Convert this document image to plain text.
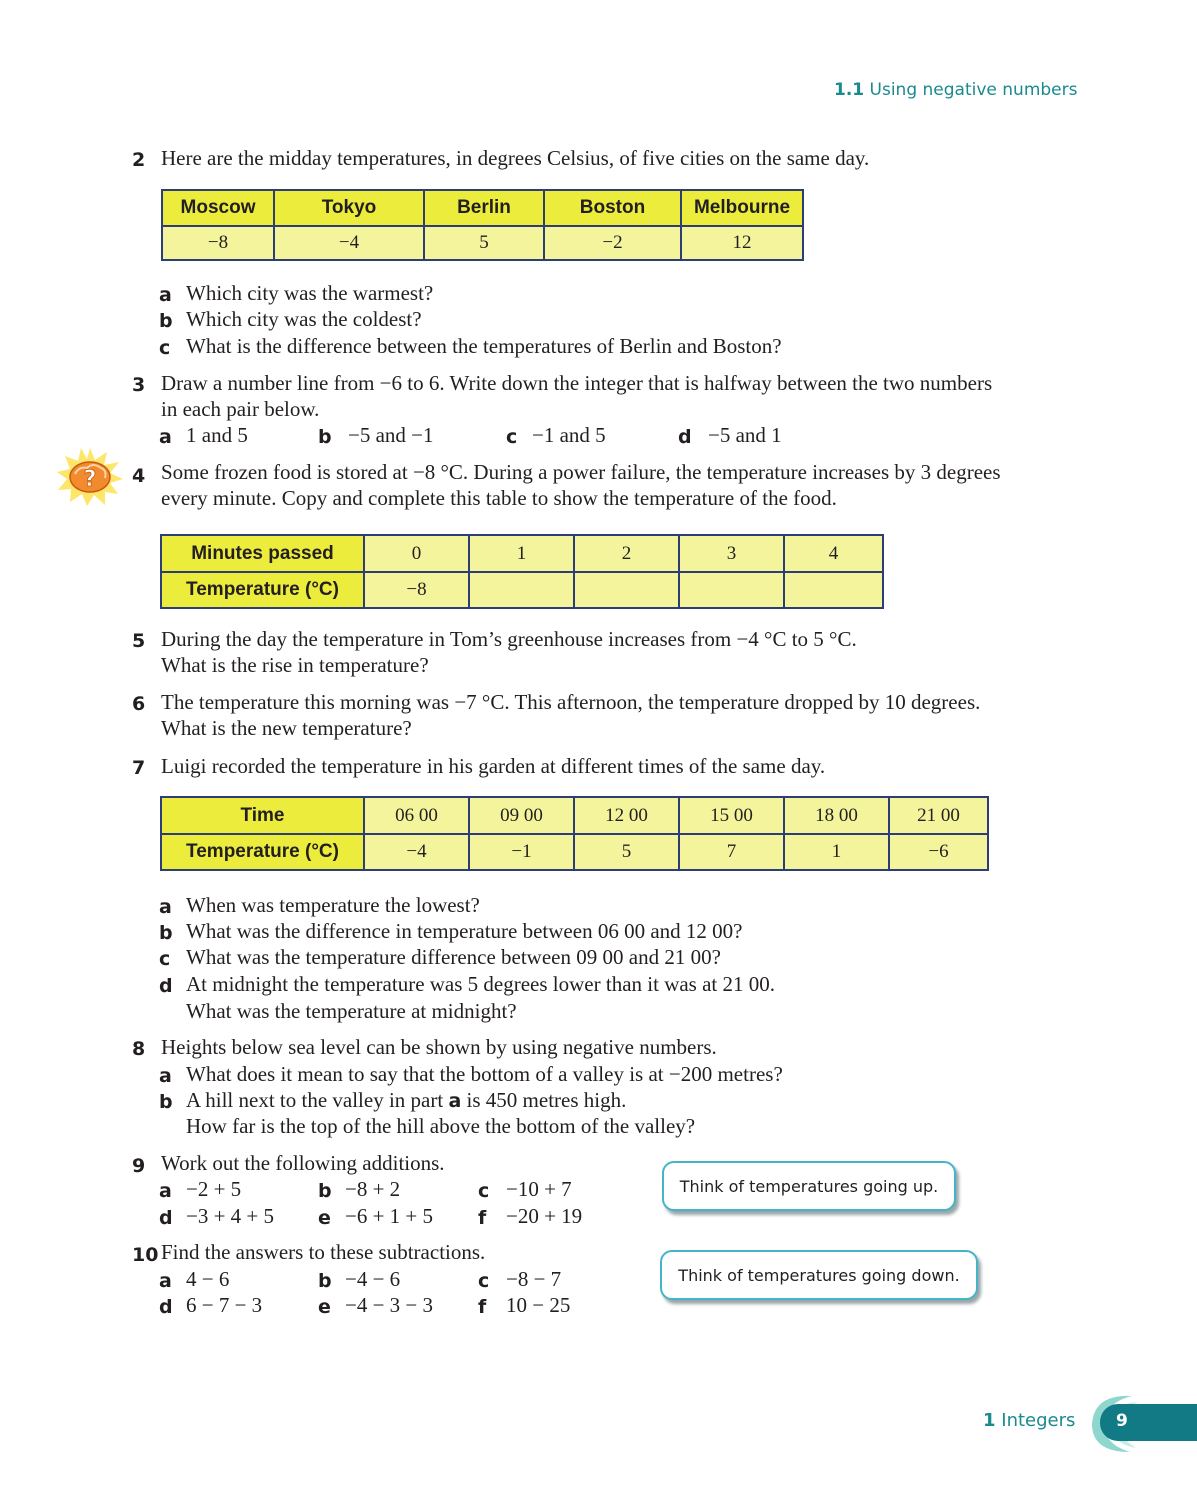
1.1 Using negative numbers
2 Here are the midday temperatures, in degrees Celsius, of five cities on the same day.
Moscow	Tokyo	Berlin	Boston	Melbourne
−8	−4	5	−2	12
a Which city was the warmest?
b Which city was the coldest?
c What is the difference between the temperatures of Berlin and Boston?
3 Draw a number line from −6 to 6. Write down the integer that is halfway between the two numbers
in each pair below.
a 1 and 5	b −5 and −1	c −1 and 5	d −5 and 1
? 4 Some frozen food is stored at −8 °C. During a power failure, the temperature increases by 3 degrees
every minute. Copy and complete this table to show the temperature of the food.
Minutes passed	0	1	2	3	4
Temperature (°C)	−8				
5 During the day the temperature in Tom’s greenhouse increases from −4 °C to 5 °C.
What is the rise in temperature?
6 The temperature this morning was −7 °C. This afternoon, the temperature dropped by 10 degrees.
What is the new temperature?
7 Luigi recorded the temperature in his garden at different times of the same day.
Time	06 00	09 00	12 00	15 00	18 00	21 00
Temperature (°C)	−4	−1	5	7	1	−6
a When was temperature the lowest?
b What was the difference in temperature between 06 00 and 12 00?
c What was the temperature difference between 09 00 and 21 00?
d At midnight the temperature was 5 degrees lower than it was at 21 00.
What was the temperature at midnight?
8 Heights below sea level can be shown by using negative numbers.
a What does it mean to say that the bottom of a valley is at −200 metres?
b A hill next to the valley in part a is 450 metres high.
How far is the top of the hill above the bottom of the valley?
9 Work out the following additions.
a −2 + 5	b −8 + 2	c −10 + 7
d −3 + 4 + 5 e −6 + 1 + 5 f −20 + 19
Think of temperatures going up.
10 Find the answers to these subtractions.
a 4 − 6	b −4 − 6	c −8 − 7
d 6 − 7 − 3	e −4 − 3 − 3 f 10 − 25
Think of temperatures going down.
1 Integers 9
